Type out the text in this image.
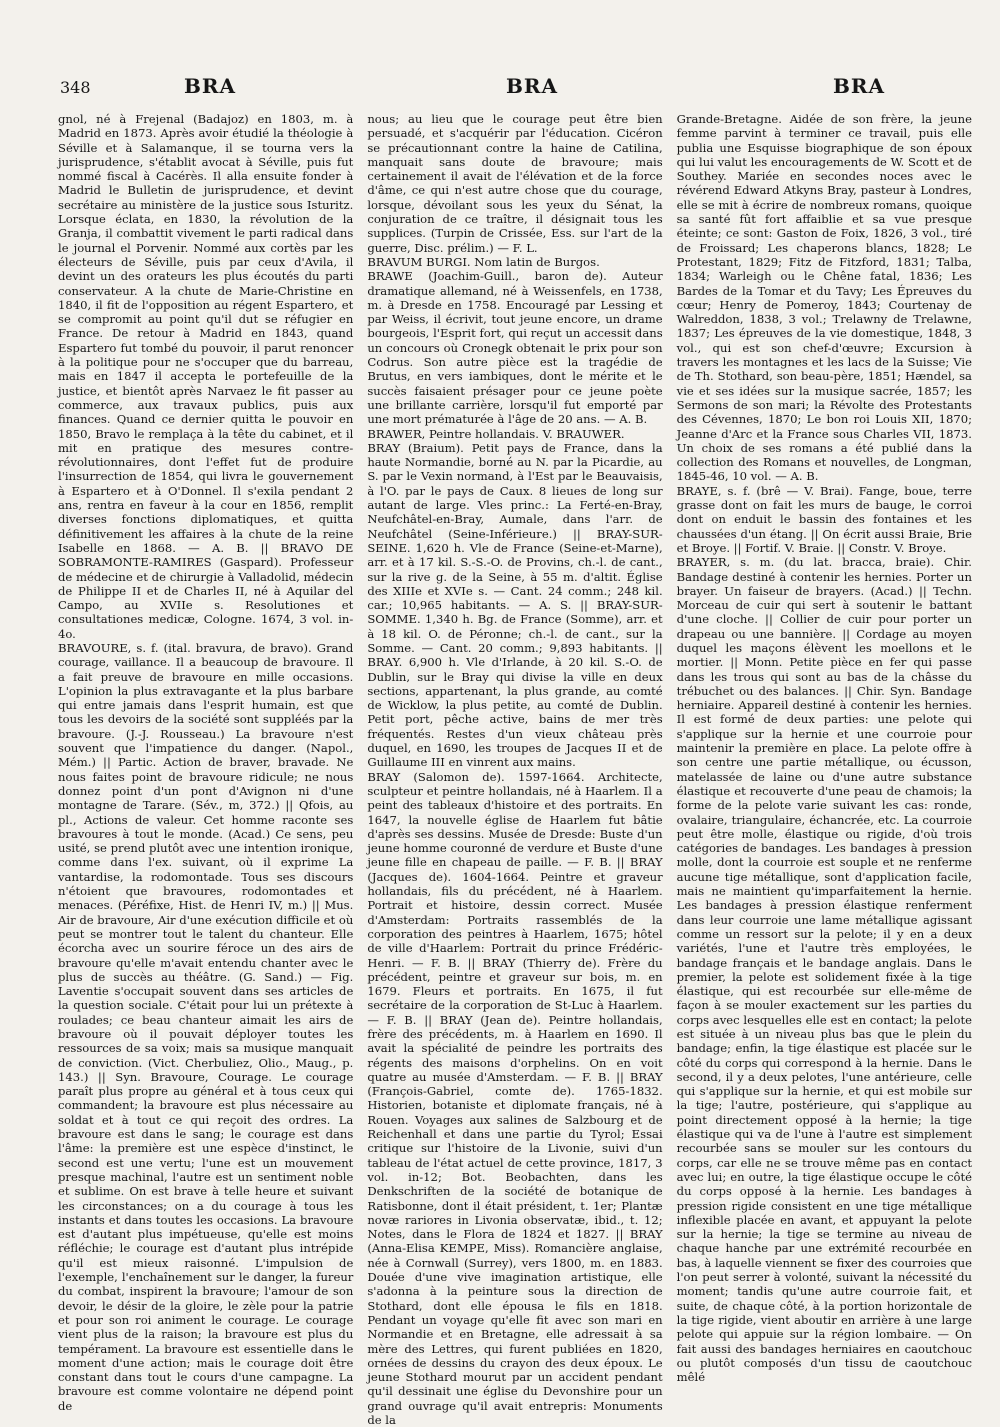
348	BRA	BRA	BRA

gnol, né à Frejenal (Badajoz) en 1803, m. à Madrid en 1873. Après avoir étudié la théologie à Séville et à Salamanque, il se tourna vers la jurisprudence, s'établit avocat à Séville, puis fut nommé fiscal à Cacérès. Il alla ensuite fonder à Madrid le Bulletin de jurisprudence, et devint secrétaire au ministère de la justice sous Isturitz. Lorsque éclata, en 1830, la révolution de la Granja, il combattit vivement le parti radical dans le journal el Porvenir. Nommé aux cortès par les électeurs de Séville, puis par ceux d'Avila, il devint un des orateurs les plus écoutés du parti conservateur. A la chute de Marie-Christine en 1840, il fit de l'opposition au régent Espartero, et se compromit au point qu'il dut se réfugier en France. De retour à Madrid en 1843, quand Espartero fut tombé du pouvoir, il parut renoncer à la politique pour ne s'occuper que du barreau, mais en 1847 il accepta le portefeuille de la justice, et bientôt après Narvaez le fit passer au commerce, aux travaux publics, puis aux finances. Quand ce dernier quitta le pouvoir en 1850, Bravo le remplaça à la tête du cabinet, et il mit en pratique des mesures contre-révolutionnaires, dont l'effet fut de produire l'insurrection de 1854, qui livra le gouvernement à Espartero et à O'Donnel. Il s'exila pendant 2 ans, rentra en faveur à la cour en 1856, remplit diverses fonctions diplomatiques, et quitta définitivement les affaires à la chute de la reine Isabelle en 1868. — A. B. || BRAVO DE SOBRAMONTE-RAMIRES (Gaspard). Professeur de médecine et de chirurgie à Valladolid, médecin de Philippe II et de Charles II, né à Aquilar del Campo, au XVIIe s. Resolutiones et consultationes medicæ, Cologne. 1674, 3 vol. in-4o.

BRAVOURE, s. f. (ital. bravura, de bravo). Grand courage, vaillance. Il a beaucoup de bravoure. Il a fait preuve de bravoure en mille occasions. L'opinion la plus extravagante et la plus barbare qui entre jamais dans l'esprit humain, est que tous les devoirs de la société sont suppléés par la bravoure. (J.-J. Rousseau.) La bravoure n'est souvent que l'impatience du danger. (Napol., Mém.) || Partic. Action de braver, bravade. Ne nous faites point de bravoure ridicule; ne nous donnez point d'un pont d'Avignon ni d'une montagne de Tarare. (Sév., m, 372.) || Qfois, au pl., Actions de valeur. Cet homme raconte ses bravoures à tout le monde. (Acad.) Ce sens, peu usité, se prend plutôt avec une intention ironique, comme dans l'ex. suivant, où il exprime La vantardise, la rodomontade. Tous ses discours n'étoient que bravoures, rodomontades et menaces. (Péréfixe, Hist. de Henri IV, m.) || Mus. Air de bravoure, Air d'une exécution difficile et où peut se montrer tout le talent du chanteur. Elle écorcha avec un sourire féroce un des airs de bravoure qu'elle m'avait entendu chanter avec le plus de succès au théâtre. (G. Sand.) — Fig. Laventie s'occupait souvent dans ses articles de la question sociale. C'était pour lui un prétexte à roulades; ce beau chanteur aimait les airs de bravoure où il pouvait déployer toutes les ressources de sa voix; mais sa musique manquait de conviction. (Vict. Cherbuliez, Olio., Maug., p. 143.) || Syn. Bravoure, Courage. Le courage paraît plus propre au général et à tous ceux qui commandent; la bravoure est plus nécessaire au soldat et à tout ce qui reçoit des ordres. La bravoure est dans le sang; le courage est dans l'âme: la première est une espèce d'instinct, le second est une vertu; l'une est un mouvement presque machinal, l'autre est un sentiment noble et sublime. On est brave à telle heure et suivant les circonstances; on a du courage à tous les instants et dans toutes les occasions. La bravoure est d'autant plus impétueuse, qu'elle est moins réfléchie; le courage est d'autant plus intrépide qu'il est mieux raisonné. L'impulsion de l'exemple, l'enchaînement sur le danger, la fureur du combat, inspirent la bravoure; l'amour de son devoir, le désir de la gloire, le zèle pour la patrie et pour son roi animent le courage. Le courage vient plus de la raison; la bravoure est plus du tempérament. La bravoure est essentielle dans le moment d'une action; mais le courage doit être constant dans tout le cours d'une campagne. La bravoure est comme volontaire ne dépend point de

nous; au lieu que le courage peut être bien persuadé, et s'acquérir par l'éducation. Cicéron se précautionnant contre la haine de Catilina, manquait sans doute de bravoure; mais certainement il avait de l'élévation et de la force d'âme, ce qui n'est autre chose que du courage, lorsque, dévoilant sous les yeux du Sénat, la conjuration de ce traître, il désignait tous les supplices. (Turpin de Crissée, Ess. sur l'art de la guerre, Disc. prélim.) — F. L.

BRAVUM BURGI. Nom latin de Burgos.

BRAWE (Joachim-Guill., baron de). Auteur dramatique allemand, né à Weissenfels, en 1738, m. à Dresde en 1758. Encouragé par Lessing et par Weiss, il écrivit, tout jeune encore, un drame bourgeois, l'Esprit fort, qui reçut un accessit dans un concours où Cronegk obtenait le prix pour son Codrus. Son autre pièce est la tragédie de Brutus, en vers iambiques, dont le mérite et le succès faisaient présager pour ce jeune poète une brillante carrière, lorsqu'il fut emporté par une mort prématurée à l'âge de 20 ans. — A. B.

BRAWER, Peintre hollandais. V. BRAUWER.

BRAY (Braium). Petit pays de France, dans la haute Normandie, borné au N. par la Picardie, au S. par le Vexin normand, à l'Est par le Beauvaisis, à l'O. par le pays de Caux. 8 lieues de long sur autant de large. Vles princ.: La Ferté-en-Bray, Neufchâtel-en-Bray, Aumale, dans l'arr. de Neufchâtel (Seine-Inférieure.) || BRAY-SUR-SEINE. 1,620 h. Vle de France (Seine-et-Marne), arr. et à 17 kil. S.-S.-O. de Provins, ch.-l. de cant., sur la rive g. de la Seine, à 55 m. d'altit. Église des XIIIe et XVIe s. — Cant. 24 comm.; 248 kil. car.; 10,965 habitants. — A. S. || BRAY-SUR-SOMME. 1,340 h. Bg. de France (Somme), arr. et à 18 kil. O. de Péronne; ch.-l. de cant., sur la Somme. — Cant. 20 comm.; 9,893 habitants. || BRAY. 6,900 h. Vle d'Irlande, à 20 kil. S.-O. de Dublin, sur le Bray qui divise la ville en deux sections, appartenant, la plus grande, au comté de Wicklow, la plus petite, au comté de Dublin. Petit port, pêche active, bains de mer très fréquentés. Restes d'un vieux château près duquel, en 1690, les troupes de Jacques II et de Guillaume III en vinrent aux mains.

BRAY (Salomon de). 1597-1664. Architecte, sculpteur et peintre hollandais, né à Haarlem. Il a peint des tableaux d'histoire et des portraits. En 1647, la nouvelle église de Haarlem fut bâtie d'après ses dessins. Musée de Dresde: Buste d'un jeune homme couronné de verdure et Buste d'une jeune fille en chapeau de paille. — F. B. || BRAY (Jacques de). 1604-1664. Peintre et graveur hollandais, fils du précédent, né à Haarlem. Portrait et histoire, dessin correct. Musée d'Amsterdam: Portraits rassemblés de la corporation des peintres à Haarlem, 1675; hôtel de ville d'Haarlem: Portrait du prince Frédéric-Henri. — F. B. || BRAY (Thierry de). Frère du précédent, peintre et graveur sur bois, m. en 1679. Fleurs et portraits. En 1675, il fut secrétaire de la corporation de St-Luc à Haarlem. — F. B. || BRAY (Jean de). Peintre hollandais, frère des précédents, m. à Haarlem en 1690. Il avait la spécialité de peindre les portraits des régents des maisons d'orphelins. On en voit quatre au musée d'Amsterdam. — F. B. || BRAY (François-Gabriel, comte de). 1765-1832. Historien, botaniste et diplomate français, né à Rouen. Voyages aux salines de Salzbourg et de Reichenhall et dans une partie du Tyrol; Essai critique sur l'histoire de la Livonie, suivi d'un tableau de l'état actuel de cette province, 1817, 3 vol. in-12; Bot. Beobachten, dans les Denkschriften de la société de botanique de Ratisbonne, dont il était président, t. 1er; Plantæ novæ rariores in Livonia observatæ, ibid., t. 12; Notes, dans le Flora de 1824 et 1827. || BRAY (Anna-Elisa KEMPE, Miss). Romancière anglaise, née à Cornwall (Surrey), vers 1800, m. en 1883. Douée d'une vive imagination artistique, elle s'adonna à la peinture sous la direction de Stothard, dont elle épousa le fils en 1818. Pendant un voyage qu'elle fit avec son mari en Normandie et en Bretagne, elle adressait à sa mère des Lettres, qui furent publiées en 1820, ornées de dessins du crayon des deux époux. Le jeune Stothard mourut par un accident pendant qu'il dessinait une église du Devonshire pour un grand ouvrage qu'il avait entrepris: Monuments de la

Grande-Bretagne. Aidée de son frère, la jeune femme parvint à terminer ce travail, puis elle publia une Esquisse biographique de son époux qui lui valut les encouragements de W. Scott et de Southey. Mariée en secondes noces avec le révérend Edward Atkyns Bray, pasteur à Londres, elle se mit à écrire de nombreux romans, quoique sa santé fût fort affaiblie et sa vue presque éteinte; ce sont: Gaston de Foix, 1826, 3 vol., tiré de Froissard; Les chaperons blancs, 1828; Le Protestant, 1829; Fitz de Fitzford, 1831; Talba, 1834; Warleigh ou le Chêne fatal, 1836; Les Bardes de la Tomar et du Tavy; Les Épreuves du cœur; Henry de Pomeroy, 1843; Courtenay de Walreddon, 1838, 3 vol.; Trelawny de Trelawne, 1837; Les épreuves de la vie domestique, 1848, 3 vol., qui est son chef-d'œuvre; Excursion à travers les montagnes et les lacs de la Suisse; Vie de Th. Stothard, son beau-père, 1851; Hændel, sa vie et ses idées sur la musique sacrée, 1857; les Sermons de son mari; la Révolte des Protestants des Cévennes, 1870; Le bon roi Louis XII, 1870; Jeanne d'Arc et la France sous Charles VII, 1873. Un choix de ses romans a été publié dans la collection des Romans et nouvelles, de Longman, 1845-46, 10 vol. — A. B.

BRAYE, s. f. (brê — V. Brai). Fange, boue, terre grasse dont on fait les murs de bauge, le corroi dont on enduit le bassin des fontaines et les chaussées d'un étang. || On écrit aussi Braie, Brie et Broye. || Fortif. V. Braie. || Constr. V. Broye.

BRAYER, s. m. (du lat. bracca, braie). Chir. Bandage destiné à contenir les hernies. Porter un brayer. Un faiseur de brayers. (Acad.) || Techn. Morceau de cuir qui sert à soutenir le battant d'une cloche. || Collier de cuir pour porter un drapeau ou une bannière. || Cordage au moyen duquel les maçons élèvent les moellons et le mortier. || Monn. Petite pièce en fer qui passe dans les trous qui sont au bas de la châsse du trébuchet ou des balances. || Chir. Syn. Bandage herniaire. Appareil destiné à contenir les hernies. Il est formé de deux parties: une pelote qui s'applique sur la hernie et une courroie pour maintenir la première en place. La pelote offre à son centre une partie métallique, ou écusson, matelassée de laine ou d'une autre substance élastique et recouverte d'une peau de chamois; la forme de la pelote varie suivant les cas: ronde, ovalaire, triangulaire, échancrée, etc. La courroie peut être molle, élastique ou rigide, d'où trois catégories de bandages. Les bandages à pression molle, dont la courroie est souple et ne renferme aucune tige métallique, sont d'application facile, mais ne maintient qu'imparfaitement la hernie. Les bandages à pression élastique renferment dans leur courroie une lame métallique agissant comme un ressort sur la pelote; il y en a deux variétés, l'une et l'autre très employées, le bandage français et le bandage anglais. Dans le premier, la pelote est solidement fixée à la tige élastique, qui est recourbée sur elle-même de façon à se mouler exactement sur les parties du corps avec lesquelles elle est en contact; la pelote est située à un niveau plus bas que le plein du bandage; enfin, la tige élastique est placée sur le côté du corps qui correspond à la hernie. Dans le second, il y a deux pelotes, l'une antérieure, celle qui s'applique sur la hernie, et qui est mobile sur la tige; l'autre, postérieure, qui s'applique au point directement opposé à la hernie; la tige élastique qui va de l'une à l'autre est simplement recourbée sans se mouler sur les contours du corps, car elle ne se trouve même pas en contact avec lui; en outre, la tige élastique occupe le côté du corps opposé à la hernie. Les bandages à pression rigide consistent en une tige métallique inflexible placée en avant, et appuyant la pelote sur la hernie; la tige se termine au niveau de chaque hanche par une extrémité recourbée en bas, à laquelle viennent se fixer des courroies que l'on peut serrer à volonté, suivant la nécessité du moment; tandis qu'une autre courroie fait, et suite, de chaque côté, à la portion horizontale de la tige rigide, vient aboutir en arrière à une large pelote qui appuie sur la région lombaire. — On fait aussi des bandages herniaires en caoutchouc ou plutôt composés d'un tissu de caoutchouc mêlé
